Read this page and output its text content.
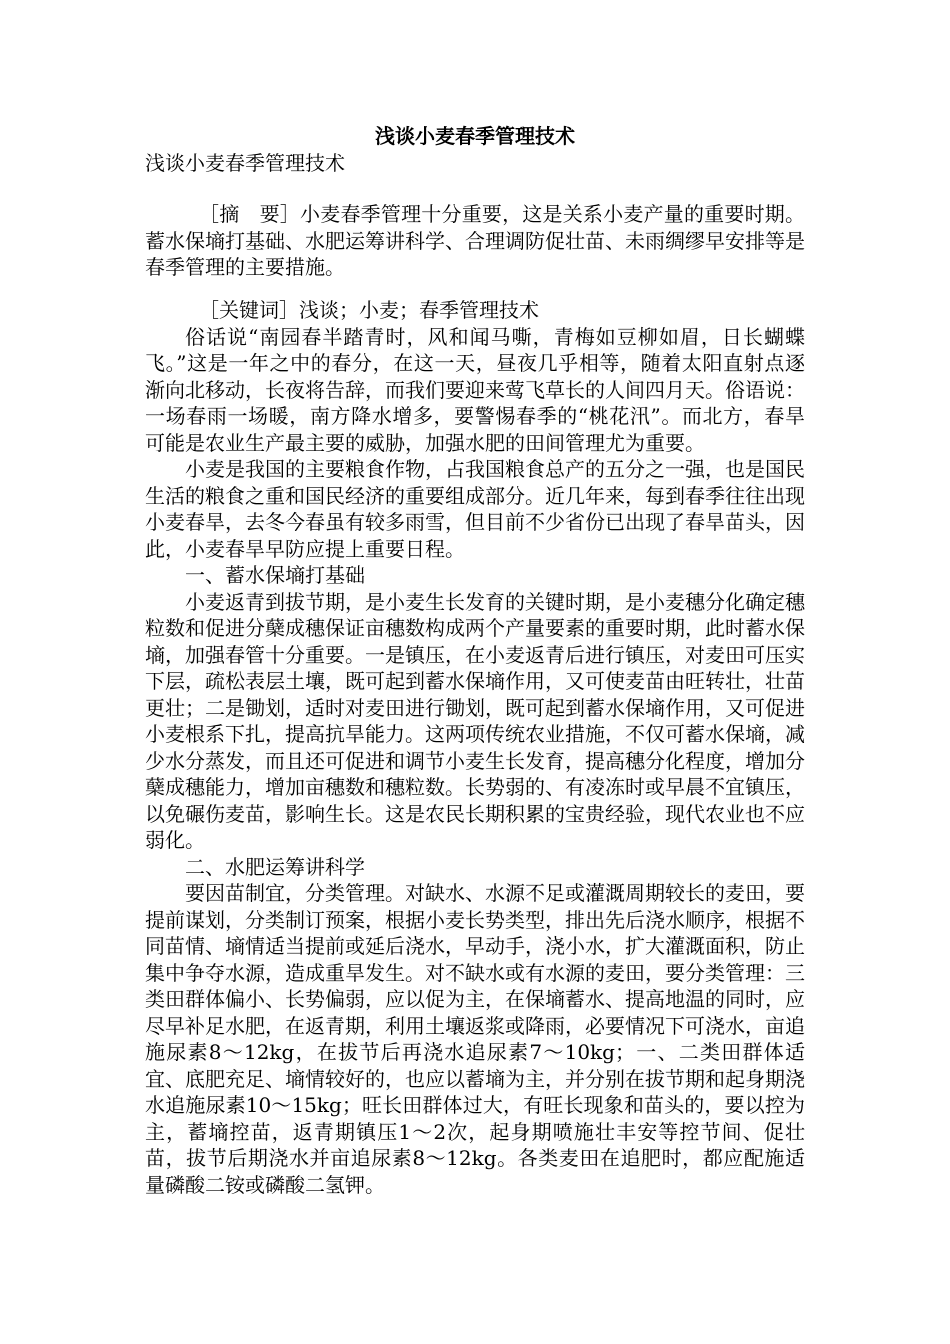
浅谈小麦春季管理技术
浅谈小麦春季管理技术

［摘　要］小麦春季管理十分重要，这是关系小麦产量的重要时期。蓄水保墒打基础、水肥运筹讲科学、合理调防促壮苗、未雨绸缪早安排等是春季管理的主要措施。

［关键词］浅谈；小麦；春季管理技术

俗话说“南园春半踏青时，风和闻马嘶，青梅如豆柳如眉，日长蝴蝶飞。”这是一年之中的春分，在这一天，昼夜几乎相等，随着太阳直射点逐渐向北移动，长夜将告辞，而我们要迎来莺飞草长的人间四月天。俗语说：一场春雨一场暖，南方降水增多，要警惕春季的“桃花汛”。而北方，春旱可能是农业生产最主要的威胁，加强水肥的田间管理尤为重要。

小麦是我国的主要粮食作物，占我国粮食总产的五分之一强，也是国民生活的粮食之重和国民经济的重要组成部分。近几年来，每到春季往往出现小麦春旱，去冬今春虽有较多雨雪，但目前不少省份已出现了春旱苗头，因此，小麦春旱早防应提上重要日程。

一、蓄水保墒打基础

小麦返青到拔节期，是小麦生长发育的关键时期，是小麦穗分化确定穗粒数和促进分蘖成穗保证亩穗数构成两个产量要素的重要时期，此时蓄水保墒，加强春管十分重要。一是镇压，在小麦返青后进行镇压，对麦田可压实下层，疏松表层土壤，既可起到蓄水保墒作用，又可使麦苗由旺转壮，壮苗更壮；二是锄划，适时对麦田进行锄划，既可起到蓄水保墒作用，又可促进小麦根系下扎，提高抗旱能力。这两项传统农业措施，不仅可蓄水保墒，减少水分蒸发，而且还可促进和调节小麦生长发育，提高穗分化程度，增加分蘖成穗能力，增加亩穗数和穗粒数。长势弱的、有凌冻时或早晨不宜镇压，以免碾伤麦苗，影响生长。这是农民长期积累的宝贵经验，现代农业也不应弱化。

二、水肥运筹讲科学

要因苗制宜，分类管理。对缺水、水源不足或灌溉周期较长的麦田，要提前谋划，分类制订预案，根据小麦长势类型，排出先后浇水顺序，根据不同苗情、墒情适当提前或延后浇水，早动手，浇小水，扩大灌溉面积，防止集中争夺水源，造成重旱发生。对不缺水或有水源的麦田，要分类管理：三类田群体偏小、长势偏弱，应以促为主，在保墒蓄水、提高地温的同时，应尽早补足水肥，在返青期，利用土壤返浆或降雨，必要情况下可浇水，亩追施尿素8～12kg，在拔节后再浇水追尿素7～10kg；一、二类田群体适宜、底肥充足、墒情较好的，也应以蓄墒为主，并分别在拔节期和起身期浇水追施尿素10～15kg；旺长田群体过大，有旺长现象和苗头的，要以控为主，蓄墒控苗，返青期镇压1～2次，起身期喷施壮丰安等控节间、促壮苗，拔节后期浇水并亩追尿素8～12kg。各类麦田在追肥时，都应配施适量磷酸二铵或磷酸二氢钾。
